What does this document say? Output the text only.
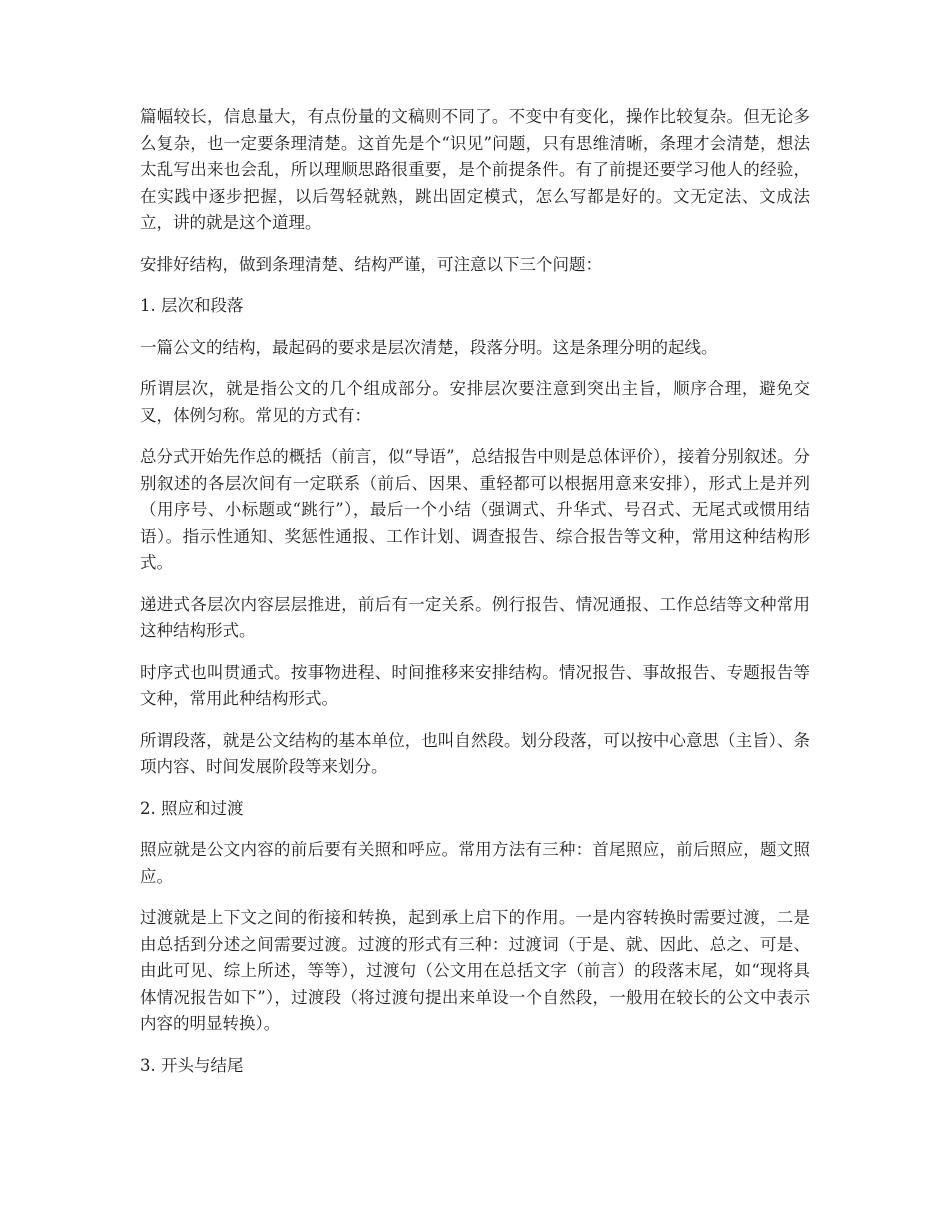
篇幅较长，信息量大，有点份量的文稿则不同了。不变中有变化，操作比较复杂。但无论多么复杂，也一定要条理清楚。这首先是个“识见”问题，只有思维清晰，条理才会清楚，想法太乱写出来也会乱，所以理顺思路很重要，是个前提条件。有了前提还要学习他人的经验，在实践中逐步把握，以后驾轻就熟，跳出固定模式，怎么写都是好的。文无定法、文成法立，讲的就是这个道理。

安排好结构，做到条理清楚、结构严谨，可注意以下三个问题：

1. 层次和段落

一篇公文的结构，最起码的要求是层次清楚，段落分明。这是条理分明的起线。

所谓层次，就是指公文的几个组成部分。安排层次要注意到突出主旨，顺序合理，避免交叉，体例匀称。常见的方式有：

总分式开始先作总的概括（前言，似“导语”，总结报告中则是总体评价），接着分别叙述。分别叙述的各层次间有一定联系（前后、因果、重轻都可以根据用意来安排），形式上是并列（用序号、小标题或“跳行”），最后一个小结（强调式、升华式、号召式、无尾式或惯用结语）。指示性通知、奖惩性通报、工作计划、调查报告、综合报告等文种，常用这种结构形式。

递进式各层次内容层层推进，前后有一定关系。例行报告、情况通报、工作总结等文种常用这种结构形式。

时序式也叫贯通式。按事物进程、时间推移来安排结构。情况报告、事故报告、专题报告等文种，常用此种结构形式。

所谓段落，就是公文结构的基本单位，也叫自然段。划分段落，可以按中心意思（主旨）、条项内容、时间发展阶段等来划分。

2. 照应和过渡

照应就是公文内容的前后要有关照和呼应。常用方法有三种：首尾照应，前后照应，题文照应。

过渡就是上下文之间的衔接和转换，起到承上启下的作用。一是内容转换时需要过渡，二是由总括到分述之间需要过渡。过渡的形式有三种：过渡词（于是、就、因此、总之、可是、由此可见、综上所述，等等），过渡句（公文用在总括文字（前言）的段落末尾，如“现将具体情况报告如下”），过渡段（将过渡句提出来单设一个自然段，一般用在较长的公文中表示内容的明显转换）。

3. 开头与结尾
